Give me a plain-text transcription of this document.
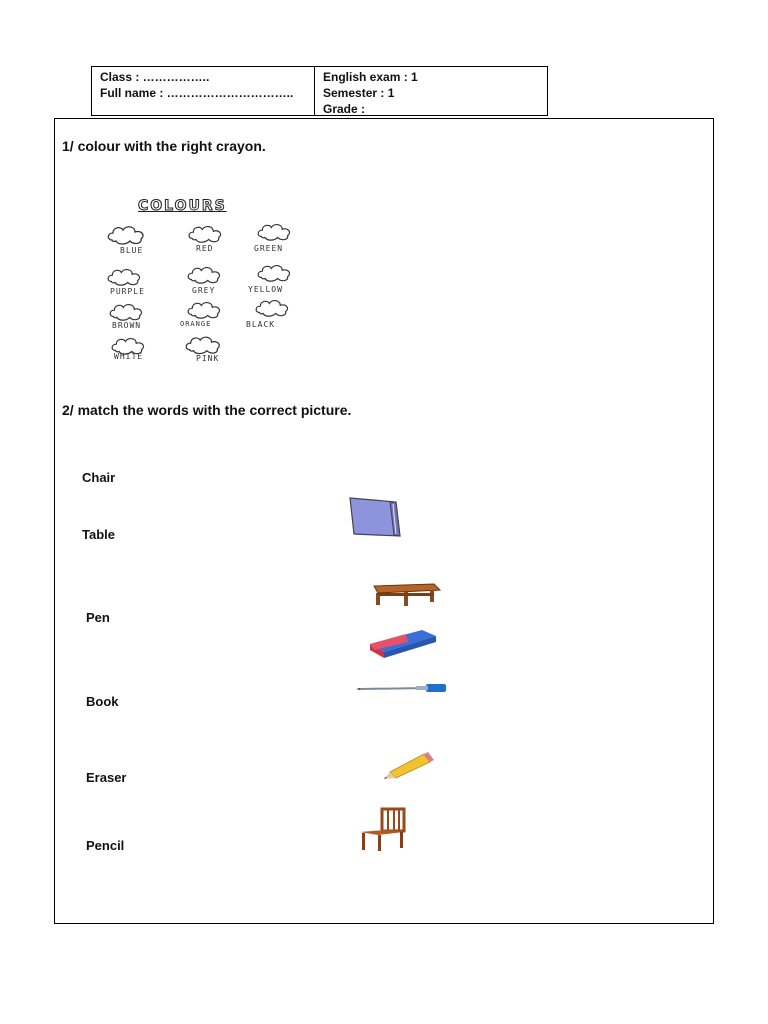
Class : ……………..
Full name : …………………………..
English exam : 1
Semester : 1
Grade :
1/ colour with the right crayon.
COLOURS
BLUE	RED	GREEN
PURPLE	GREY	YELLOW
BROWN	ORANGE	BLACK
WHITE	PINK
2/ match the words with the correct picture.
Chair
Table
Pen
Book
Eraser
Pencil
